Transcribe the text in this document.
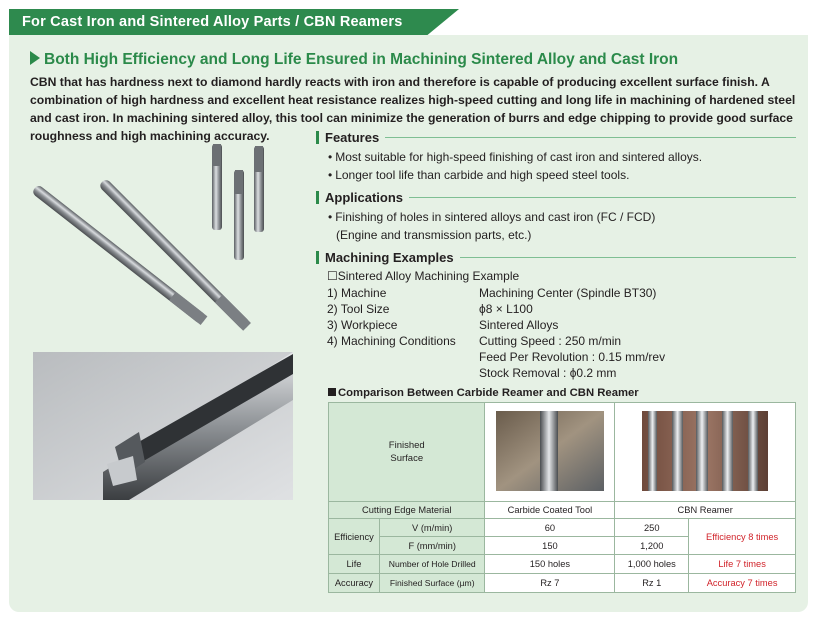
For Cast Iron and Sintered Alloy Parts / CBN Reamers
Both High Efficiency and Long Life Ensured in Machining Sintered Alloy and Cast Iron
CBN that has hardness next to diamond hardly reacts with iron and therefore is capable of producing excellent surface finish. A combination of high hardness and excellent heat resistance realizes high-speed cutting and long life in machining of hardened steel and cast iron. In machining sintered alloy, this tool can minimize the generation of burrs and edge chipping to provide good surface roughness and high machining accuracy.	Features
• Most suitable for high-speed finishing of cast iron and sintered alloys.
• Longer tool life than carbide and high speed steel tools.
Applications
• Finishing of holes in sintered alloys and cast iron (FC / FCD)
(Engine and transmission parts, etc.)
Machining Examples
☐Sintered Alloy Machining Example
1) Machine	Machining Center (Spindle BT30)
2) Tool Size	ϕ8 × L100
3) Workpiece	Sintered Alloys
4) Machining Conditions Cutting Speed : 250 m/min
Feed Per Revolution : 0.15 mm/rev
Stock Removal : ϕ0.2 mm
Comparison Between Carbide Reamer and CBN Reamer
Finished
Surface		
Cutting Edge Material		Carbide Coated Tool	CBN Reamer	
Efficiency	V (m/min)	60	250	Efficiency 8 times
	F (mm/min)	150	1,200	
Life	Number of Hole Drilled	150 holes	1,000 holes	Life 7 times
Accuracy	Finished Surface (µm)	Rz 7	Rz 1	Accuracy 7 times
